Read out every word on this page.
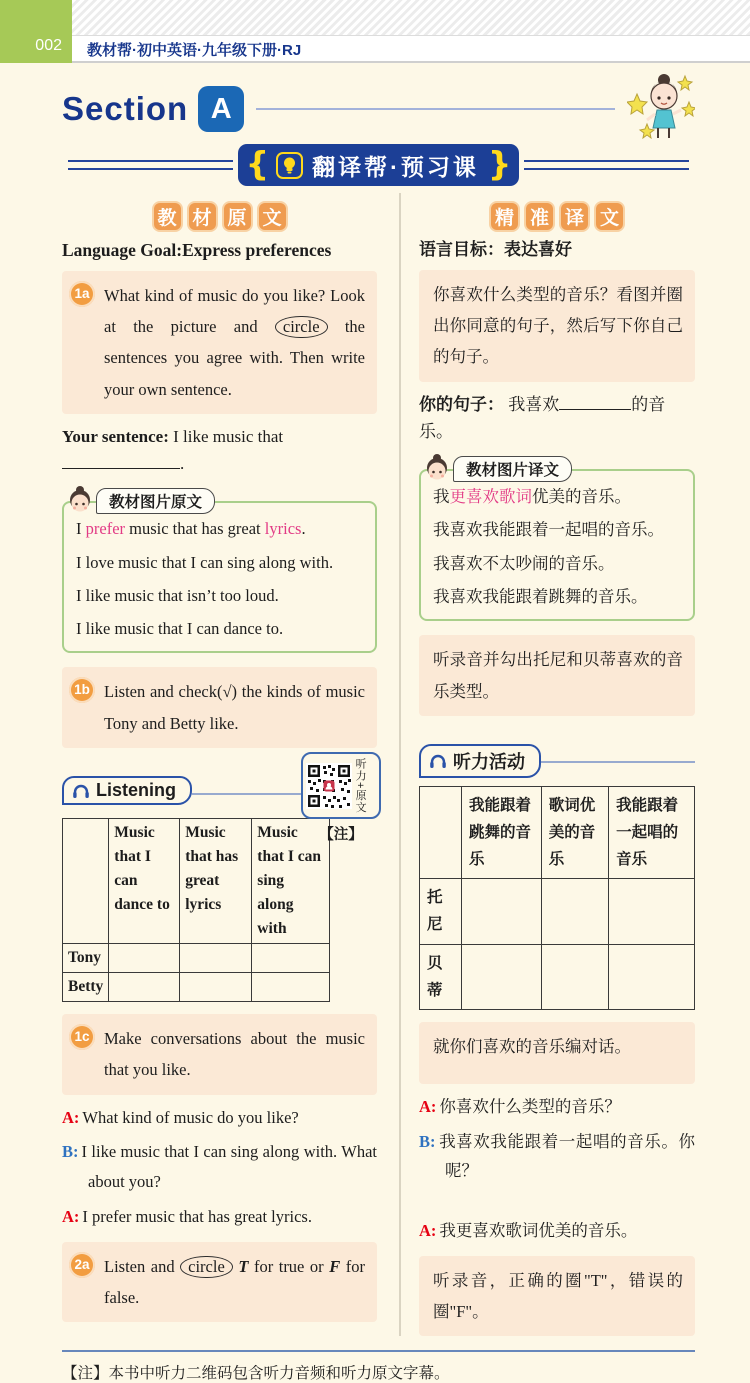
教材帮·初中英语·九年级下册·RJ
002
Section A
{ 翻译帮·预习课 }
教 材 原 文
Language Goal:Express preferences
1a What kind of music do you like? Look at the picture and circle the sentences you agree with. Then write your own sentence.
Your sentence: I like music that .
教材图片原文

I prefer music that has great lyrics.

I love music that I can sing along with.

I like music that isn’t too loud.

I like music that I can dance to.

1b Listen and check(√) the kinds of music Tony and Betty like.
Listening	听力+原文
【注】
	Music that I can dance to	Music that has great lyrics	Music that I can sing along with
Tony			
Betty			
1c Make conversations about the music that you like.
A: What kind of music do you like?
B: I like music that I can sing along with. What about you?
A: I prefer music that has great lyrics.
2a Listen and circle T for true or F for false.
精 准 译 文
语言目标：表达喜好
你喜欢什么类型的音乐？看图并圈出你同意的句子，然后写下你自己的句子。
你的句子： 我喜欢	的音乐。
教材图片译文

我更喜欢歌词优美的音乐。

我喜欢我能跟着一起唱的音乐。

我喜欢不太吵闹的音乐。

我喜欢我能跟着跳舞的音乐。

听录音并勾出托尼和贝蒂喜欢的音乐类型。
听力活动
	我能跟着跳舞的音乐	歌词优美的音乐	我能跟着一起唱的音乐
托尼			
贝蒂			
就你们喜欢的音乐编对话。
A: 你喜欢什么类型的音乐？
B: 我喜欢我能跟着一起唱的音乐。你呢？
A: 我更喜欢歌词优美的音乐。
听录音，正确的圈"T"，错误的圈"F"。
【注】本书中听力二维码包含听力音频和听力原文字幕。
